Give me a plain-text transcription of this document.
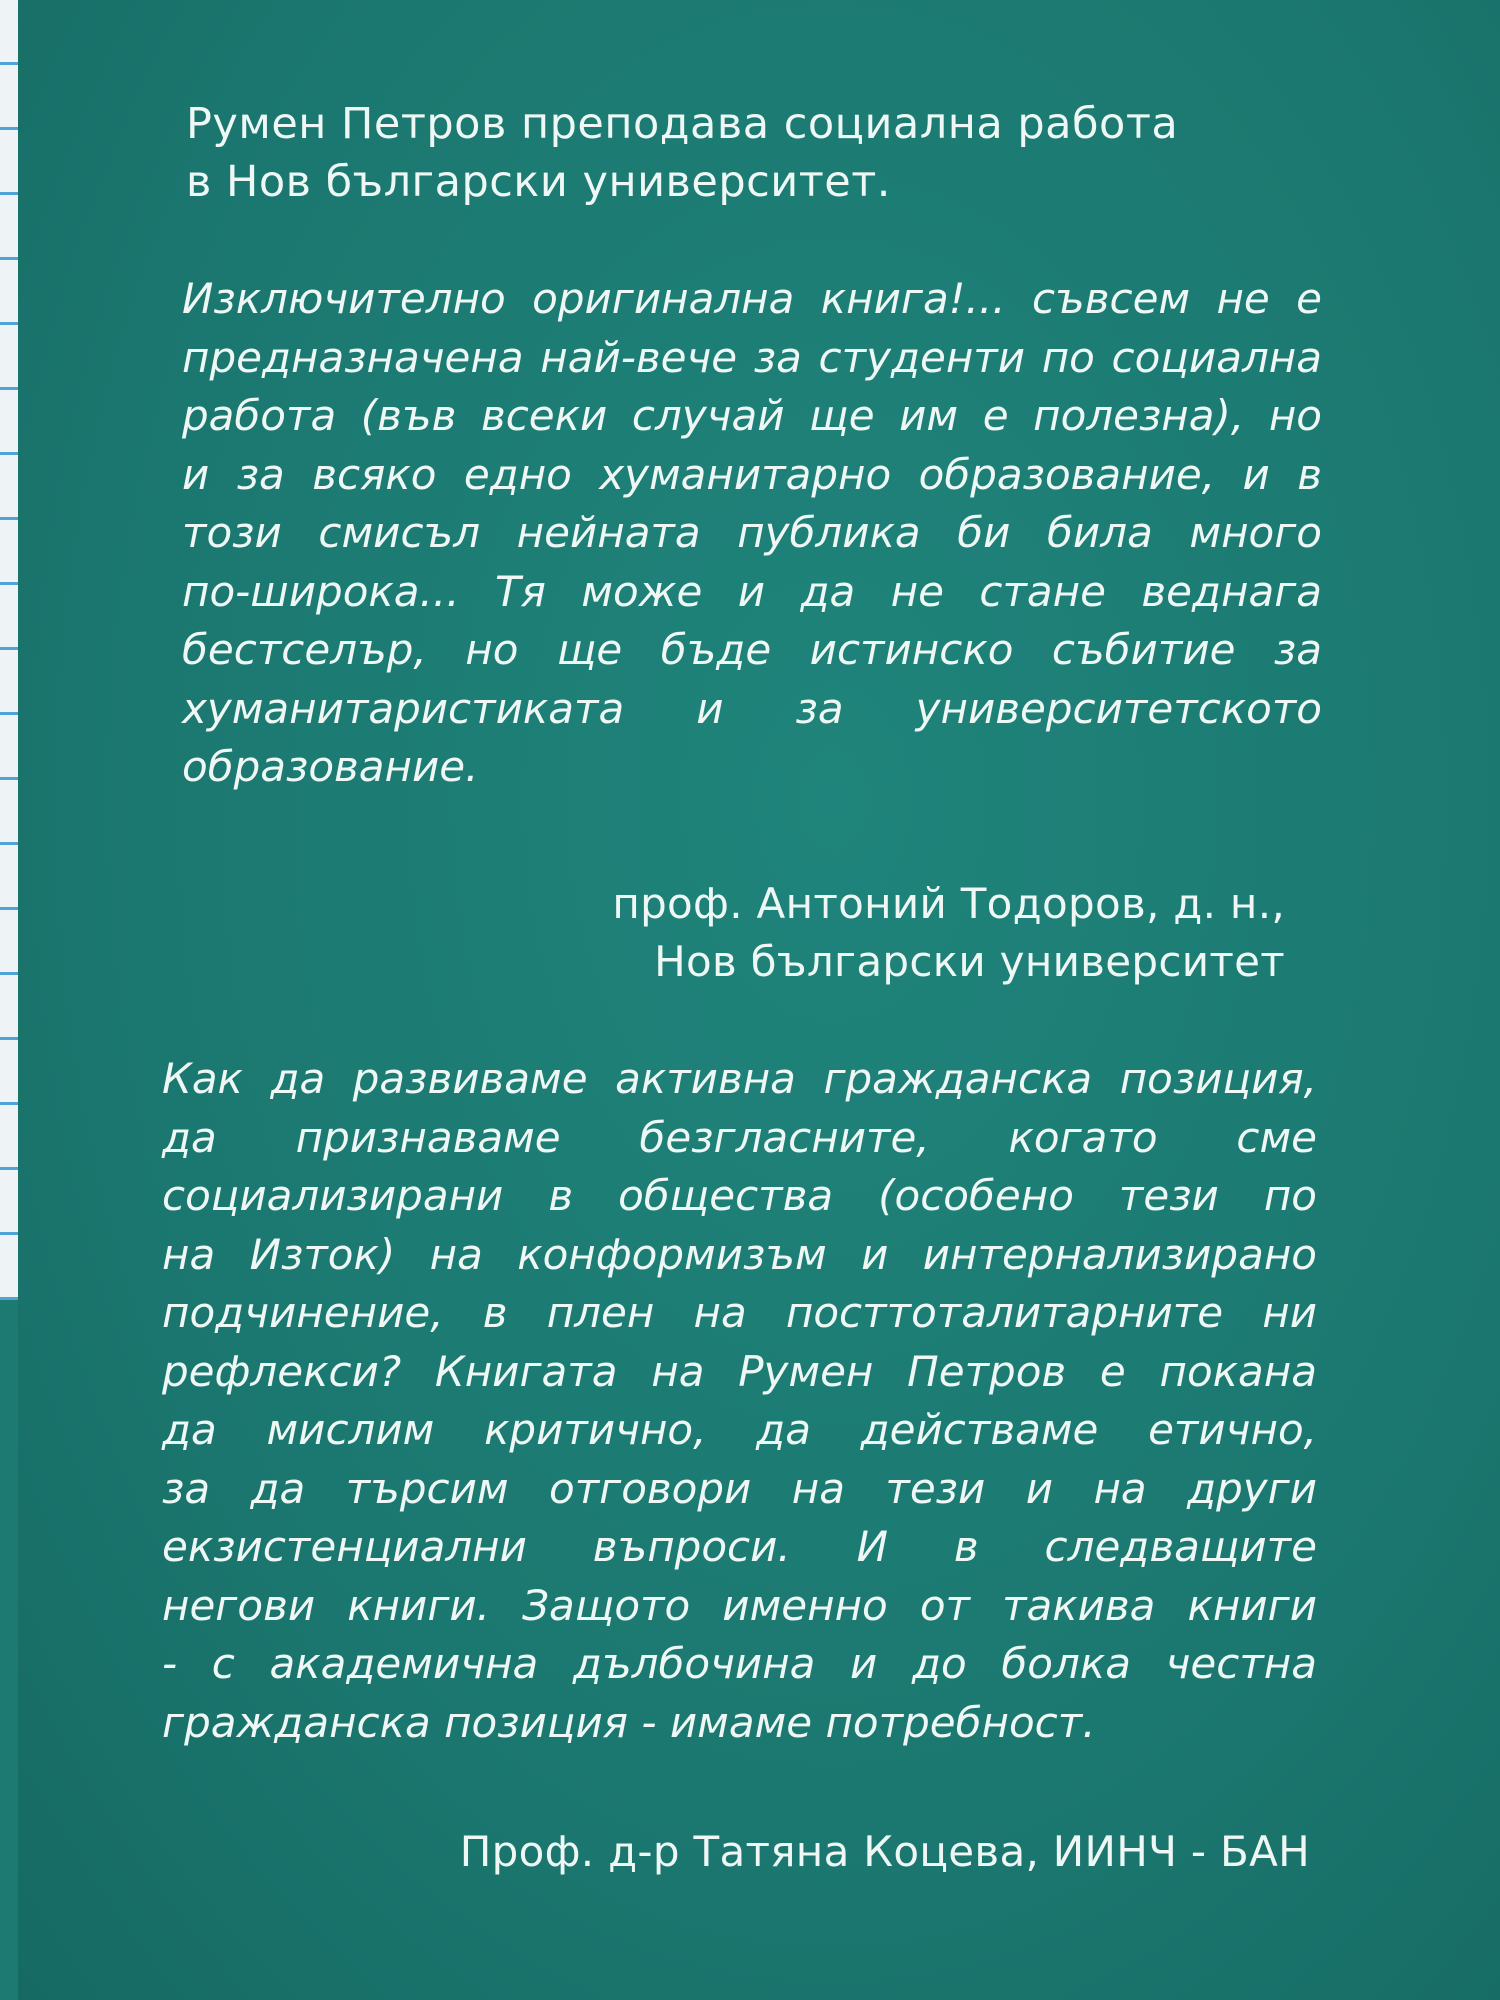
Румен Петров преподава социална работа
в Нов български университет.
Изключително оригинална книга!... съвсем не е
предназначена най-вече за студенти по социална
работа (във всеки случай ще им е полезна), но
и за всяко едно хуманитарно образование, и в
този смисъл нейната публика би била много
по-широка... Тя може и да не стане веднага
бестселър, но ще бъде истинско събитие за
хуманитаристиката и за университетското
образование.
проф. Антоний Тодоров, д. н.,
Нов български университет
Как да развиваме активна гражданска позиция,
да признаваме безгласните, когато сме
социализирани в общества (особено тези по
на Изток) на конформизъм и интернализирано
подчинение, в плен на посттоталитарните ни
рефлекси? Книгата на Румен Петров е покана
да мислим критично, да действаме етично,
за да търсим отговори на тези и на други
екзистенциални въпроси. И в следващите
негови книги. Защото именно от такива книги
- с академична дълбочина и до болка честна
гражданска позиция - имаме потребност.
Проф. д-р Татяна Коцева, ИИНЧ - БАН
